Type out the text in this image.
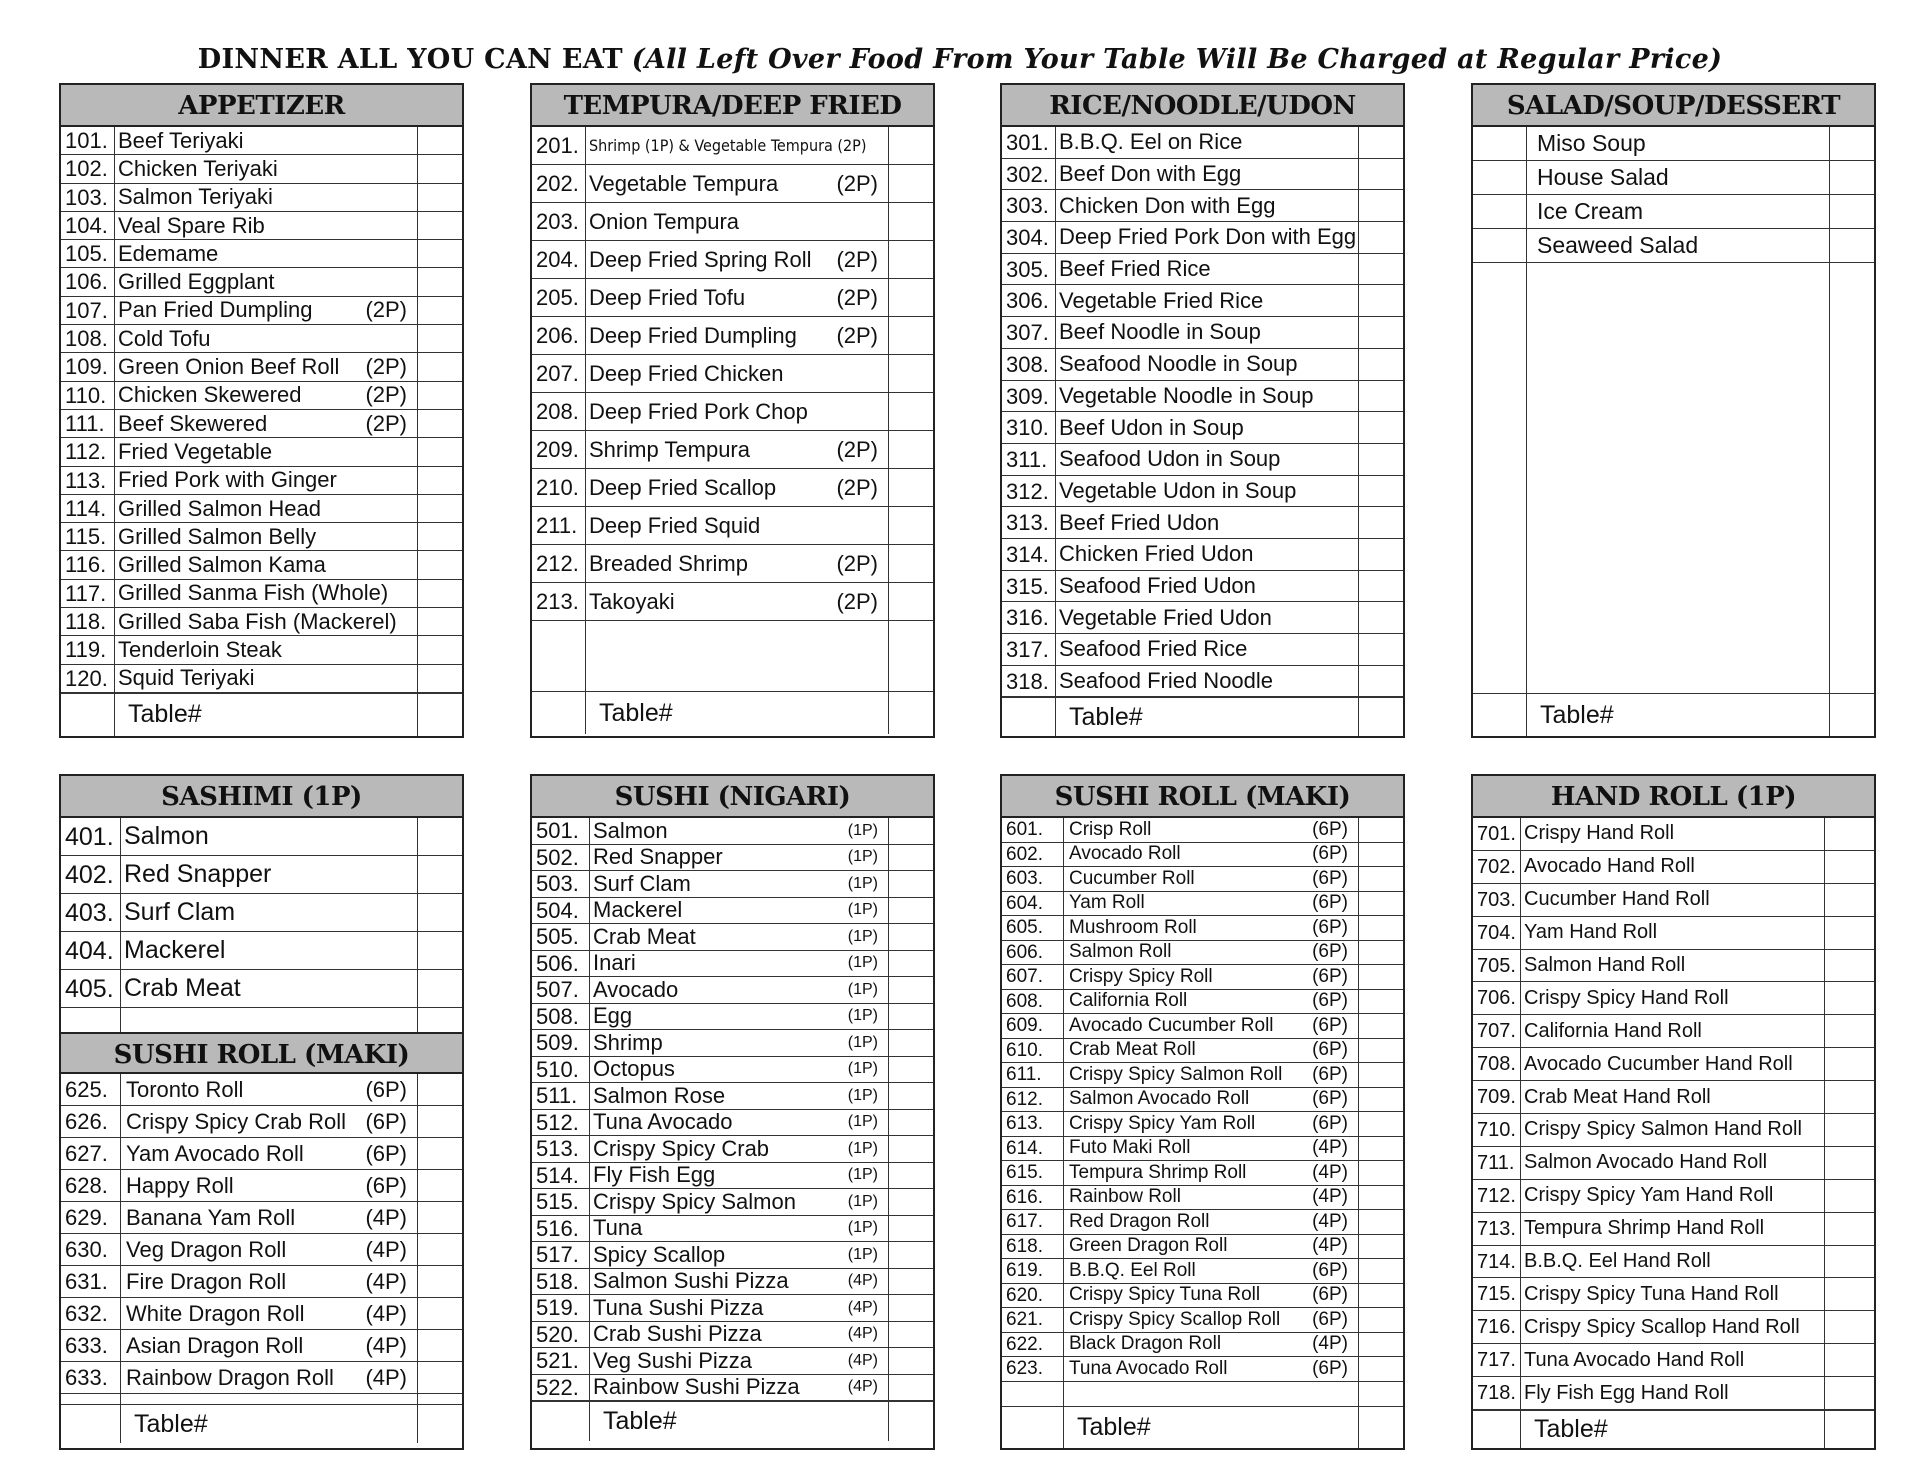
DINNER ALL YOU CAN EAT (All Left Over Food From Your Table Will Be Charged at Regular Price)
APPETIZER
101. Beef Teriyaki
102. Chicken Teriyaki
103. Salmon Teriyaki
104. Veal Spare Rib
105. Edemame
106. Grilled Eggplant
107. Pan Fried Dumpling (2P)
108. Cold Tofu
109. Green Onion Beef Roll (2P)
110. Chicken Skewered	(2P)
111. Beef Skewered	(2P)
112. Fried Vegetable
113. Fried Pork with Ginger
114. Grilled Salmon Head
115. Grilled Salmon Belly
116. Grilled Salmon Kama
117. Grilled Sanma Fish (Whole)
118. Grilled Saba Fish (Mackerel)
119. Tenderloin Steak
120. Squid Teriyaki
Table#
TEMPURA/DEEP FRIED
201. Shrimp (1P) & Vegetable Tempura (2P)
202. Vegetable Tempura	(2P)
203. Onion Tempura
204. Deep Fried Spring Roll (2P)
205. Deep Fried Tofu	(2P)
206. Deep Fried Dumpling (2P)
207. Deep Fried Chicken
208. Deep Fried Pork Chop
209. Shrimp Tempura	(2P)
210. Deep Fried Scallop	(2P)
211. Deep Fried Squid
212. Breaded Shrimp	(2P)
213. Takoyaki	(2P)
Table#
RICE/NOODLE/UDON
301. B.B.Q. Eel on Rice
302. Beef Don with Egg
303. Chicken Don with Egg
304. Deep Fried Pork Don with Egg
305. Beef Fried Rice
306. Vegetable Fried Rice
307. Beef Noodle in Soup
308. Seafood Noodle in Soup
309. Vegetable Noodle in Soup
310. Beef Udon in Soup
311. Seafood Udon in Soup
312. Vegetable Udon in Soup
313. Beef Fried Udon
314. Chicken Fried Udon
315. Seafood Fried Udon
316. Vegetable Fried Udon
317. Seafood Fried Rice
318. Seafood Fried Noodle
Table#
SALAD/SOUP/DESSERT
Miso Soup
House Salad
Ice Cream
Seaweed Salad
Table#
SASHIMI (1P)
401. Salmon
402. Red Snapper
403. Surf Clam
404. Mackerel
405. Crab Meat
SUSHI ROLL (MAKI)
625. Toronto Roll	(6P)
626. Crispy Spicy Crab Roll (6P)
627. Yam Avocado Roll	(6P)
628. Happy Roll	(6P)
629. Banana Yam Roll	(4P)
630. Veg Dragon Roll	(4P)
631. Fire Dragon Roll	(4P)
632. White Dragon Roll	(4P)
633. Asian Dragon Roll	(4P)
633. Rainbow Dragon Roll (4P)
Table#
SUSHI (NIGARI)
501. Salmon	(1P)
502. Red Snapper	(1P)
503. Surf Clam	(1P)
504. Mackerel	(1P)
505. Crab Meat	(1P)
506. Inari	(1P)
507. Avocado	(1P)
508. Egg	(1P)
509. Shrimp	(1P)
510. Octopus	(1P)
511. Salmon Rose	(1P)
512. Tuna Avocado	(1P)
513. Crispy Spicy Crab	(1P)
514. Fly Fish Egg	(1P)
515. Crispy Spicy Salmon	(1P)
516. Tuna	(1P)
517. Spicy Scallop	(1P)
518. Salmon Sushi Pizza	(4P)
519. Tuna Sushi Pizza	(4P)
520. Crab Sushi Pizza	(4P)
521. Veg Sushi Pizza	(4P)
522. Rainbow Sushi Pizza	(4P)
Table#
SUSHI ROLL (MAKI)
601.	Crisp Roll	(6P)
602.	Avocado Roll	(6P)
603.	Cucumber Roll	(6P)
604.	Yam Roll	(6P)
605.	Mushroom Roll	(6P)
606.	Salmon Roll	(6P)
607.	Crispy Spicy Roll	(6P)
608.	California Roll	(6P)
609.	Avocado Cucumber Roll (6P)
610.	Crab Meat Roll	(6P)
611.	Crispy Spicy Salmon Roll (6P)
612.	Salmon Avocado Roll	(6P)
613.	Crispy Spicy Yam Roll	(6P)
614.	Futo Maki Roll	(4P)
615.	Tempura Shrimp Roll	(4P)
616.	Rainbow Roll	(4P)
617.	Red Dragon Roll	(4P)
618.	Green Dragon Roll	(4P)
619.	B.B.Q. Eel Roll	(6P)
620.	Crispy Spicy Tuna Roll	(6P)
621.	Crispy Spicy Scallop Roll (6P)
622.	Black Dragon Roll	(4P)
623.	Tuna Avocado Roll	(6P)
Table#
HAND ROLL (1P)
701. Crispy Hand Roll
702. Avocado Hand Roll
703. Cucumber Hand Roll
704. Yam Hand Roll
705. Salmon Hand Roll
706. Crispy Spicy Hand Roll
707. California Hand Roll
708. Avocado Cucumber Hand Roll
709. Crab Meat Hand Roll
710. Crispy Spicy Salmon Hand Roll
711. Salmon Avocado Hand Roll
712. Crispy Spicy Yam Hand Roll
713. Tempura Shrimp Hand Roll
714. B.B.Q. Eel Hand Roll
715. Crispy Spicy Tuna Hand Roll
716. Crispy Spicy Scallop Hand Roll
717. Tuna Avocado Hand Roll
718. Fly Fish Egg Hand Roll
Table#
